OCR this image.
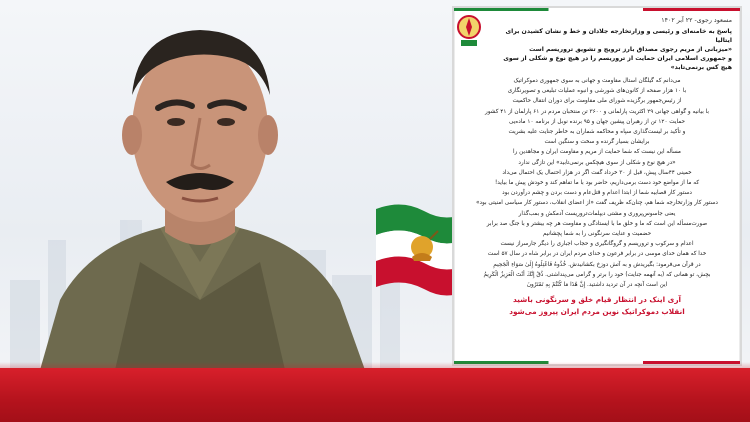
مسعود رجوی- ۲۲ آبر ۱۴۰۲

پاسخ به خامنه‌ای و رئیسی و وزارتخارجه جلادان و خط و نشان کشیدن برای ایتالیا

«میزبانی از مریم رجوی مصداق بارز ترویج و تشویق تروریسم است

و جمهوری اسلامی ایران حمایت از تروریسم را در هیچ نوع و شکلی از سوی هیچ کس برنمی‌تابد»

می‌دانم که گیلگان استال مقاومت و جهانی به سوی جمهوری دموکراتیک

با ۱۰ هزار صفحه از کانون‌های شورشی و انبوه عملیات تبلیغی و تصویرنگاری

از رئیس‌جمهور برگزیده شورای ملی مقاومت برای دوران انتقال حاکمیت

با بیانیه و گواهی جهانی ۲۹ اکثریت پارلمانی و ۳۶۰۰ تن منتخبان مردم در ۶۱ پارلمان از ۴۱ کشور

حمایت ۱۲۰ تن از رهبران پیشین جهان و ۹۵ برنده نوبل از برنامه ۱۰ ماده‌یی

و تأکید بر لیست‌گذاری سپاه و محاکمه شماران به خاطر جنایت علیه بشریت

برایشان بسیار گرنده و سخت و سنگین است

مسأله این نیست که شما حمایت از مریم و مقاومت ایران و مجاهدین را

«در هیچ نوع و شکلی از سوی هیچکس برنمی‌تابید» این تازگی ندارد

خمینی ۴۴سال پیش، قبل از ۳۰ خرداد گفت اگر در هزار احتمال یک احتمال می‌داد

که ما از مواضع خود دست برمی‌داریم، حاضر بود با ما تفاهم کند و خودش پیش ما بیاید!

دستور کار قصابیه شما از ابتدا اعدام و قتل‌عام و دست بردن و چشم درآوردن بود

دستور کار وزارتخارجه شما هم، چنان‌که ظریف گفت «از اعضای انقلاب، دستور کار سیاسی امنیتی بود»

یعنی جاسوس‌پروری و مشتی دیپلمات‌تروریست آدمکش و بمب‌گذار

صورت‌مسأله این است که ما و خلق ما با ایستادگی و مقاومت هر چه بیشتر و با جنگ صد برابر

حضمیت و عنایت سرنگونی را به شما پچشانیم

اعدام و سرکوب و تروریسم و گروگانگیری و حجاب اجباری را دیگر جارسراز نیست

خدا که همان خدای موسی در برابر فرعون و خدای مردم ایران در برابر شاه در سال ۵۷ است

در قرآن می‌فرمود: بگیریدش و به آتش دوزخ بکشانیدش. خُذُوهُ فَاعْتِلُوهُ إِلَىٰ سَوَاءِ الْجَحِيمِ

بچش، تو همانی که (به آنهمه جنایت) خود را برتر و گرامی می‌پنداشتی. ذُقْ إِنَّكَ أَنْتَ الْعَزِيزُ الْكَرِيمُ

این است آنچه در آن تردید داشتید. إِنَّ هَٰذَا مَا كُنْتُمْ بِهِ تَمْتَرُونَ

آری اینک در انتظار قیام خلق و سرنگونی باشید

انقلاب دموکراتیک نوین مردم ایران پیروز می‌شود
